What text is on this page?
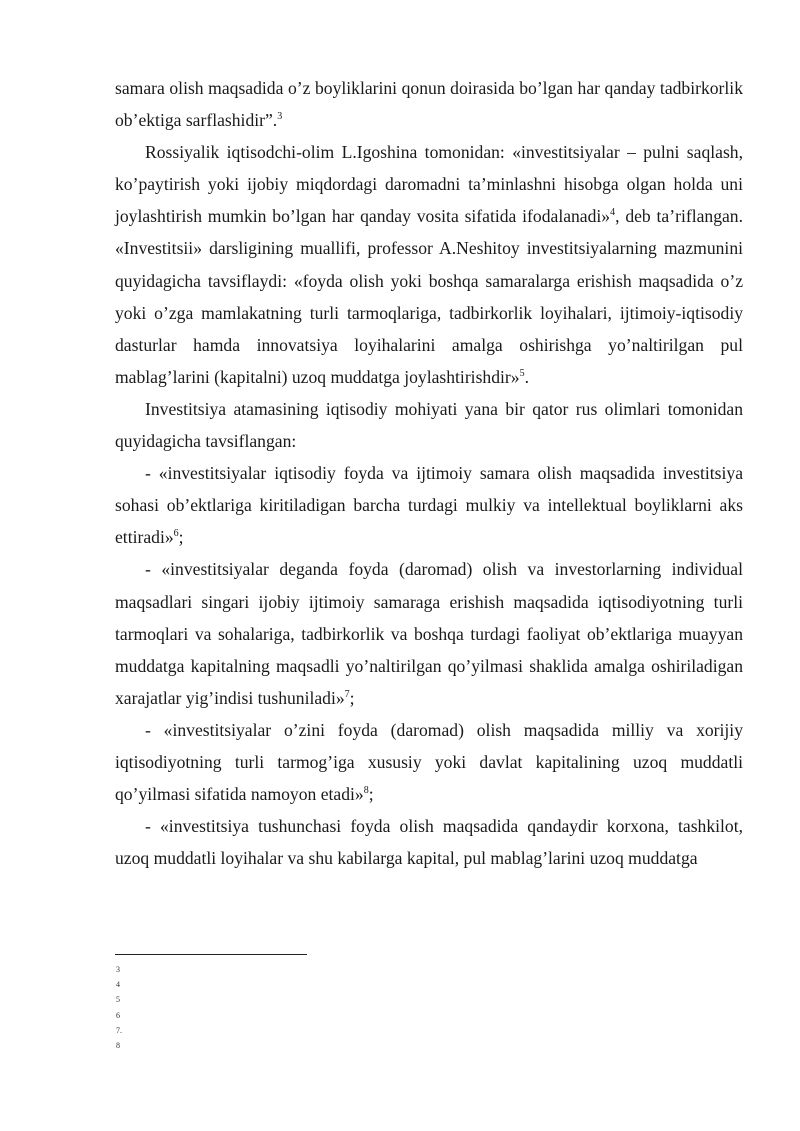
samara olish maqsadida o’z boyliklarini qonun doirasida bo’lgan har qanday tadbirkorlik ob’ektiga sarflashidir”.$^3$

Rossiyalik iqtisodchi-olim L.Igoshina tomonidan: «investitsiyalar – pulni saqlash, ko’paytirish yoki ijobiy miqdordagi daromadni ta’minlashni hisobga olgan holda uni joylashtirish mumkin bo’lgan har qanday vosita sifatida ifodalanadi»$^4$, deb ta’riflangan. «Investitsii» darsligining muallifi, professor A.Neshitoy investitsiyalarning mazmunini quyidagicha tavsiflaydi: «foyda olish yoki boshqa samaralarga erishish maqsadida o’z yoki o’zga mamlakatning turli tarmoqlariga, tadbirkorlik loyihalari, ijtimoiy-iqtisodiy dasturlar hamda innovatsiya loyihalarini amalga oshirishga yo’naltirilgan pul mablag’larini (kapitalni) uzoq muddatga joylashtirishdir»$^5$.

Investitsiya atamasining iqtisodiy mohiyati yana bir qator rus olimlari tomonidan quyidagicha tavsiflangan:

- «investitsiyalar iqtisodiy foyda va ijtimoiy samara olish maqsadida investitsiya sohasi ob’ektlariga kiritiladigan barcha turdagi mulkiy va intellektual boyliklarni aks ettiradi»$^6$;

- «investitsiyalar deganda foyda (daromad) olish va investorlarning individual maqsadlari singari ijobiy ijtimoiy samaraga erishish maqsadida iqtisodiyotning turli tarmoqlari va sohalariga, tadbirkorlik va boshqa turdagi faoliyat ob’ektlariga muayyan muddatga kapitalning maqsadli yo’naltirilgan qo’yilmasi shaklida amalga oshiriladigan xarajatlar yig’indisi tushuniladi»$^7$;

- «investitsiyalar o’zini foyda (daromad) olish maqsadida milliy va xorijiy iqtisodiyotning turli tarmog’iga xususiy yoki davlat kapitalining uzoq muddatli qo’yilmasi sifatida namoyon etadi»$^8$;

- «investitsiya tushunchasi foyda olish maqsadida qandaydir korxona, tashkilot, uzoq muddatli loyihalar va shu kabilarga kapital, pul mablag’larini uzoq muddatga

3
4
5
6
7.
8
